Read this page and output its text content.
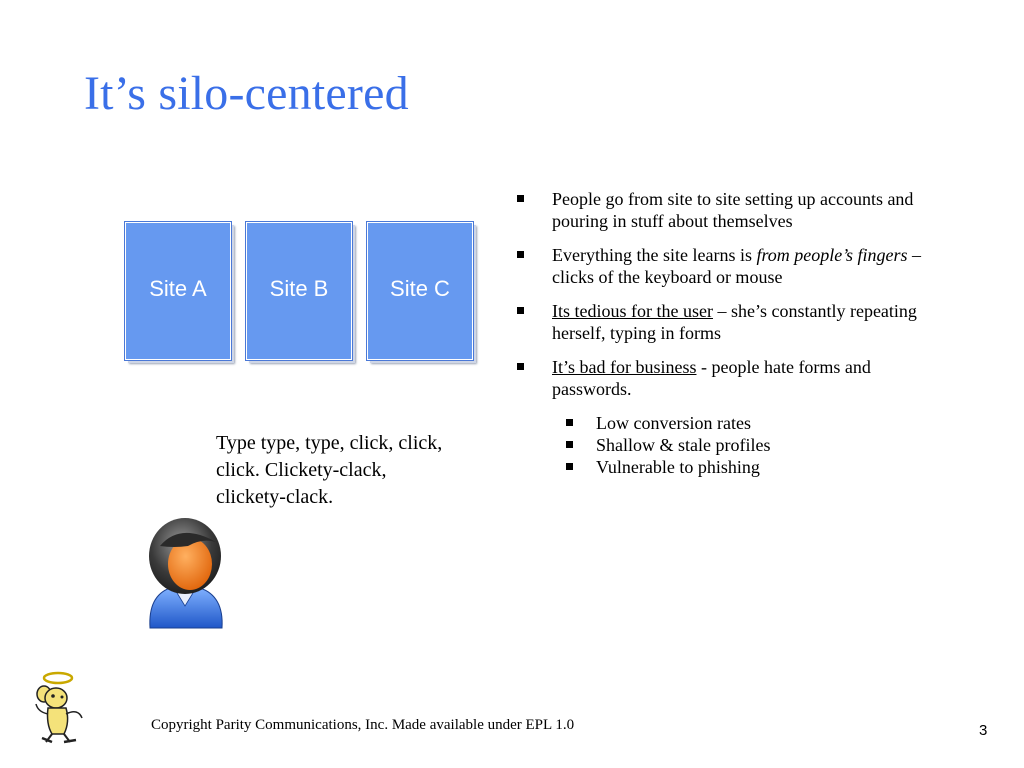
It’s silo-centered
Site A	Site B	Site C
Type type, type, click, click, click. Clickety-clack, clickety-clack.
People go from site to site setting up accounts and pouring in stuff about themselves
Everything the site learns is from people’s fingers – clicks of the keyboard or mouse
Its tedious for the user – she’s constantly repeating herself, typing in forms
It’s bad for business - people hate forms and passwords.
Low conversion rates
Shallow & stale profiles
Vulnerable to phishing
Copyright Parity Communications, Inc. Made available under EPL 1.0	3
